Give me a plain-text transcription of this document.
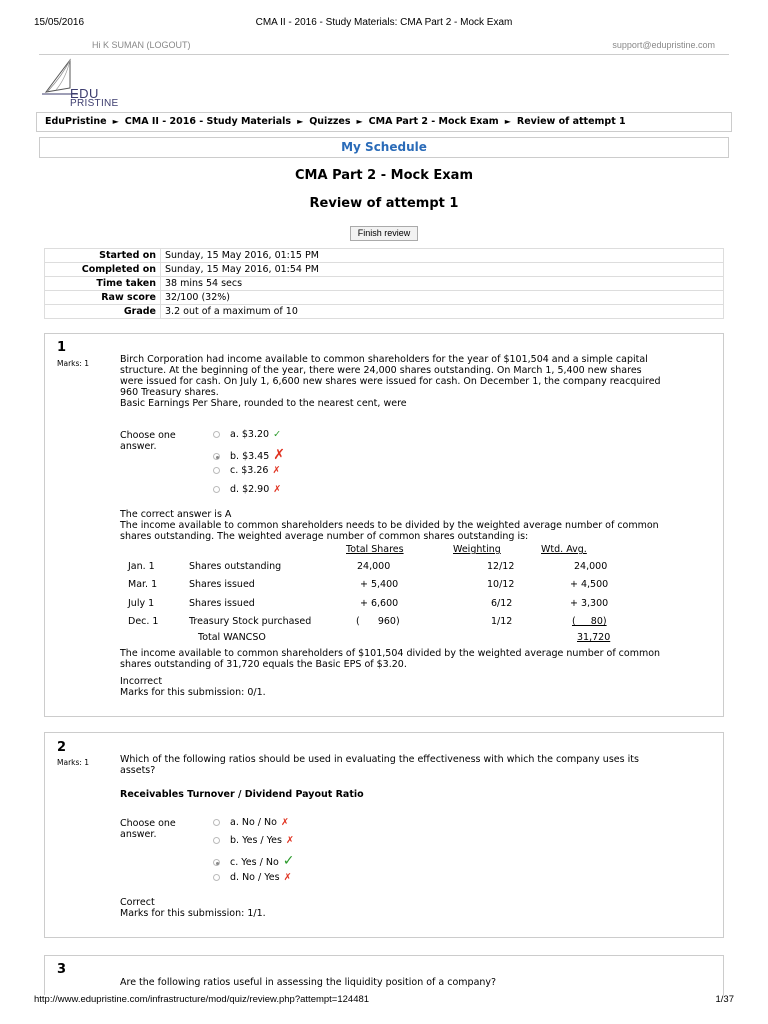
15/05/2016	CMA II - 2016 - Study Materials: CMA Part 2 - Mock Exam
Hi K SUMAN (LOGOUT)	support@edupristine.com
EDU
PRISTINE
EduPristine ► CMA II - 2016 - Study Materials ► Quizzes ► CMA Part 2 - Mock Exam ► Review of attempt 1
My Schedule
CMA Part 2 - Mock Exam
Review of attempt 1
Finish review
Started on	Sunday, 15 May 2016, 01:15 PM
Completed on	Sunday, 15 May 2016, 01:54 PM
Time taken	38 mins 54 secs
Raw score	32/100 (32%)
Grade	3.2 out of a maximum of 10
1
Marks: 1	Birch Corporation had income available to common shareholders for the year of $101,504 and a simple capital
structure. At the beginning of the year, there were 24,000 shares outstanding. On March 1, 5,400 new shares
were issued for cash. On July 1, 6,600 new shares were issued for cash. On December 1, the company reacquired
960 Treasury shares.
Basic Earnings Per Share, rounded to the nearest cent, were
Choose one answer.
a. $3.20 ✓
b. $3.45 ✗
c. $3.26 ✗
d. $2.90 ✗
The correct answer is A
The income available to common shareholders needs to be divided by the weighted average number of common
shares outstanding. The weighted average number of common shares outstanding is:
Total Shares	Weighting	Wtd. Avg.
Jan. 1	Shares outstanding	24,000	12/12	24,000
Mar. 1	Shares issued	+ 5,400	10/12	+ 4,500
July 1	Shares issued	+ 6,600	6/12	+ 3,300
Dec. 1	Treasury Stock purchased	(      960)	1/12	(     80)
Total WANCSO	31,720
The income available to common shareholders of $101,504 divided by the weighted average number of common
shares outstanding of 31,720 equals the Basic EPS of $3.20.
Incorrect
Marks for this submission: 0/1.
2
Marks: 1	Which of the following ratios should be used in evaluating the effectiveness with which the company uses its
assets?
Receivables Turnover / Dividend Payout Ratio
Choose one answer.
a. No / No ✗
b. Yes / Yes ✗
c. Yes / No ✓
d. No / Yes ✗
Correct
Marks for this submission: 1/1.
3
Are the following ratios useful in assessing the liquidity position of a company?
http://www.edupristine.com/infrastructure/mod/quiz/review.php?attempt=124481	1/37
